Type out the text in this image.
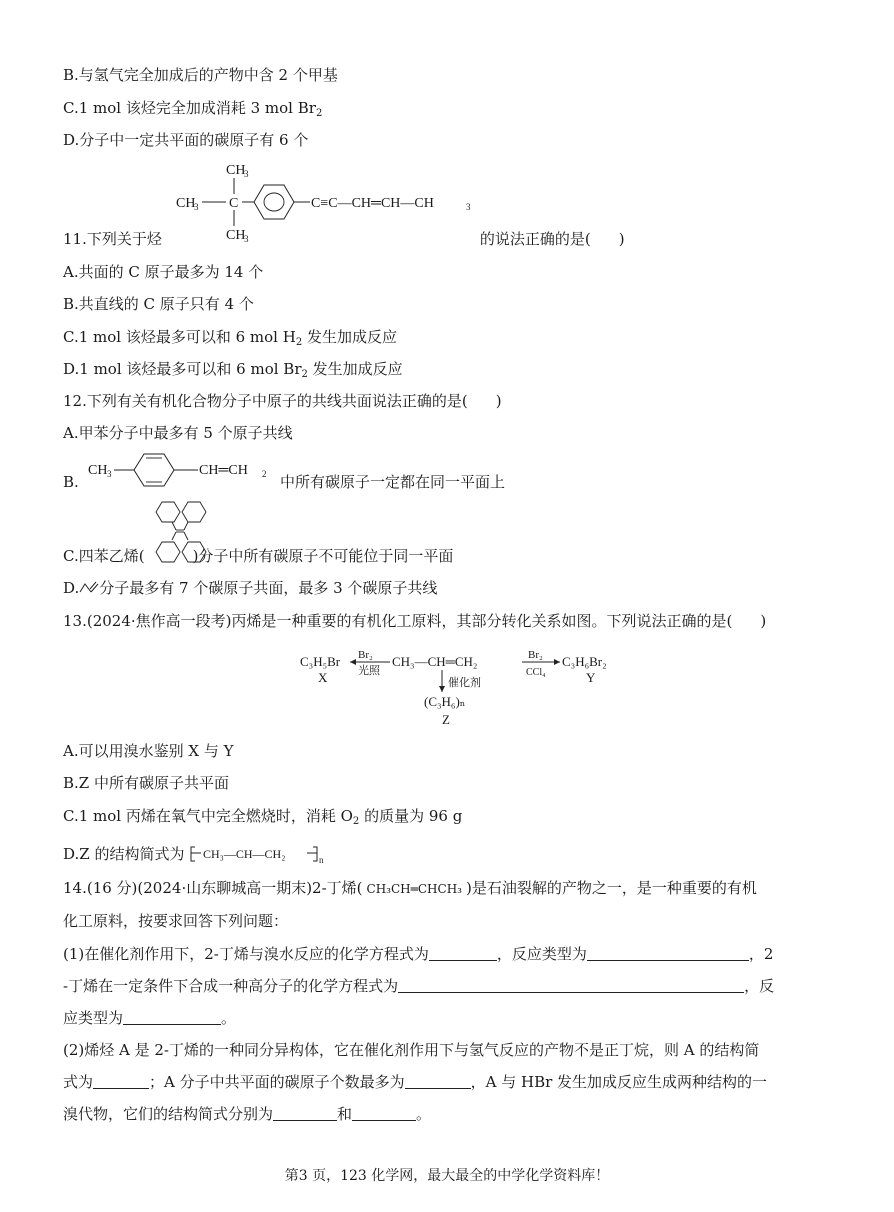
B.与氢气完全加成后的产物中含 2 个甲基
C.1 mol 该烃完全加成消耗 3 mol $Br_2$
D.分子中一定共平面的碳原子有 6 个
CH
3
CH
3 C
CH
3
C≡C—CH═CH—CH	3
11.下列关于烃	的说法正确的是( )
A.共面的 C 原子最多为 14 个
B.共直线的 C 原子只有 4 个
C.1 mol 该烃最多可以和 6 mol $H_2$ 发生加成反应
D.1 mol 该烃最多可以和 6 mol $Br_2$ 发生加成反应
12.下列有关有机化合物分子中原子的共线共面说法正确的是( )
A.甲苯分子中最多有 5 个原子共线
B.
CH 3	CH═CH 2 中所有碳原子一定都在同一平面上
C.四苯乙烯(	)分子中所有碳原子不可能位于同一平面
D. 分子最多有 7 个碳原子共面，最多 3 个碳原子共线
13.(2024·焦作高一段考)丙烯是一种重要的有机化工原料，其部分转化关系如图。下列说法正确的是( )
C₃H₅Br
X
Br₂
光照
CH₃—CH═CH₂	Br₂
CCl₄
C₃H₆Br₂
Y
催化剂
(C₃H₆)ₙ
Z
A.可以用溴水鉴别 X 与 Y
B.Z 中所有碳原子共平面
C.1 mol 丙烯在氧气中完全燃烧时，消耗 $O_2$ 的质量为 96 g
D.Z 的结构简式为 CH₃—CH—CH₂	n
14.(16 分)(2024·山东聊城高一期末)2-丁烯( CH₃CH═CHCH₃ )是石油裂解的产物之一，是一种重要的有机
化工原料，按要求回答下列问题：
(1)在催化剂作用下，2-丁烯与溴水反应的化学方程式为	，反应类型为	，2
-丁烯在一定条件下合成一种高分子的化学方程式为	，反
应类型为	。
(2)烯烃 A 是 2-丁烯的一种同分异构体，它在催化剂作用下与氢气反应的产物不是正丁烷，则 A 的结构简
式为	；A 分子中共平面的碳原子个数最多为	，A 与 HBr 发生加成反应生成两种结构的一
溴代物，它们的结构简式分别为	和	。
第3 页，123 化学网，最大最全的中学化学资料库！
